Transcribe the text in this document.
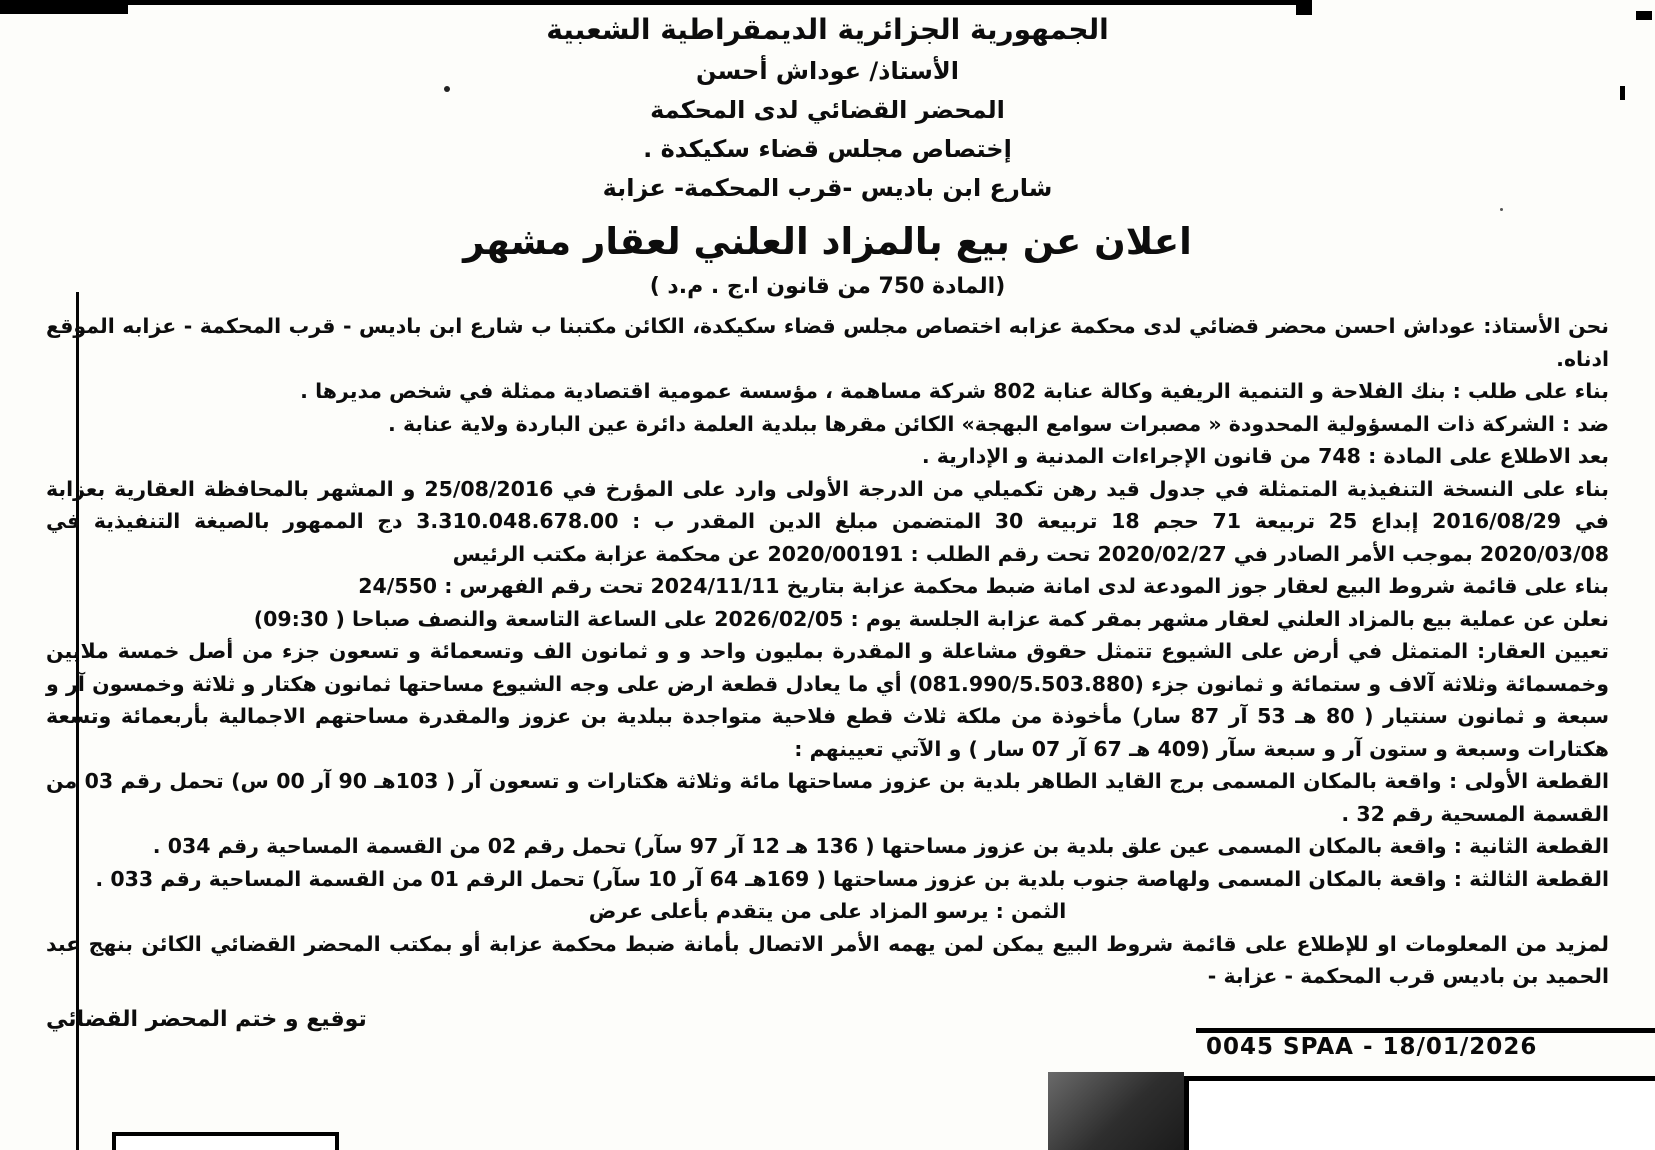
الجمهورية الجزائرية الديمقراطية الشعبية
الأستاذ/ عوداش أحسن
المحضر القضائي لدى المحكمة
إختصاص مجلس قضاء سكيكدة .
شارع ابن باديس -قرب المحكمة- عزابة
اعلان عن بيع بالمزاد العلني لعقار مشهر
(المادة 750 من قانون ا.ج . م.د )

نحن الأستاذ: عوداش احسن محضر قضائي لدى محكمة عزابه اختصاص مجلس قضاء سكيكدة، الكائن مكتبنا ب شارع ابن باديس - قرب المحكمة - عزابه الموقع ادناه.

بناء على طلب : بنك الفلاحة و التنمية الريفية وكالة عنابة 802 شركة مساهمة ، مؤسسة عمومية اقتصادية ممثلة في شخص مديرها .

ضد : الشركة ذات المسؤولية المحدودة « مصبرات سوامع البهجة» الكائن مقرها ببلدية العلمة دائرة عين الباردة ولاية عنابة .

بعد الاطلاع على المادة : 748 من قانون الإجراءات المدنية و الإدارية .

بناء على النسخة التنفيذية المتمثلة في جدول قيد رهن تكميلي من الدرجة الأولى وارد على المؤرخ في 25/08/2016 و المشهر بالمحافظة العقارية بعزابة في 2016/08/29 إبداع 25 تربيعة 71 حجم 18 تربيعة 30 المتضمن مبلغ الدين المقدر ب : 3.310.048.678.00 دج الممهور بالصيغة التنفيذية في 2020/03/08 بموجب الأمر الصادر في 2020/02/27 تحت رقم الطلب : 2020/00191 عن محكمة عزابة مكتب الرئيس

بناء على قائمة شروط البيع لعقار جوز المودعة لدى امانة ضبط محكمة عزابة بتاريخ 2024/11/11 تحت رقم الفهرس : 24/550

نعلن عن عملية بيع بالمزاد العلني لعقار مشهر بمقر كمة عزابة الجلسة يوم : 2026/02/05 على الساعة التاسعة والنصف صباحا ( 09:30)

تعيين العقار: المتمثل في أرض على الشيوع تتمثل حقوق مشاعلة و المقدرة بمليون واحد و و ثمانون الف وتسعمائة و تسعون جزء من أصل خمسة ملايين وخمسمائة وثلاثة آلاف و ستمائة و ثمانون جزء (081.990/5.503.880) أي ما يعادل قطعة ارض على وجه الشيوع مساحتها ثمانون هكتار و ثلاثة وخمسون آر و سبعة و ثمانون سنتيار ( 80 هـ 53 آر 87 سار) مأخوذة من ملكة ثلاث قطع فلاحية متواجدة ببلدية بن عزوز والمقدرة مساحتهم الاجمالية بأربعمائة وتسعة هكتارات وسبعة و ستون آر و سبعة سآر (409 هـ 67 آر 07 سار ) و الآتي تعيينهم :

القطعة الأولى : واقعة بالمكان المسمى برج القايد الطاهر بلدية بن عزوز مساحتها مائة وثلاثة هكتارات و تسعون آر ( 103هـ 90 آر 00 س) تحمل رقم 03 من القسمة المسحية رقم 32 .

القطعة الثانية : واقعة بالمكان المسمى عين علق بلدية بن عزوز مساحتها ( 136 هـ 12 آر 97 سآر) تحمل رقم 02 من القسمة المساحية رقم 034 .

القطعة الثالثة : واقعة بالمكان المسمى ولهاصة جنوب بلدية بن عزوز مساحتها ( 169هـ 64 آر 10 سآر) تحمل الرقم 01 من القسمة المساحية رقم 033 .

الثمن : يرسو المزاد على من يتقدم بأعلى عرض

لمزيد من المعلومات او للإطلاع على قائمة شروط البيع يمكن لمن يهمه الأمر الاتصال بأمانة ضبط محكمة عزابة أو بمكتب المحضر القضائي الكائن بنهج عبد الحميد بن باديس قرب المحكمة - عزابة -

توقيع و ختم المحضر القضائي
0045 SPAA - 18/01/2026
